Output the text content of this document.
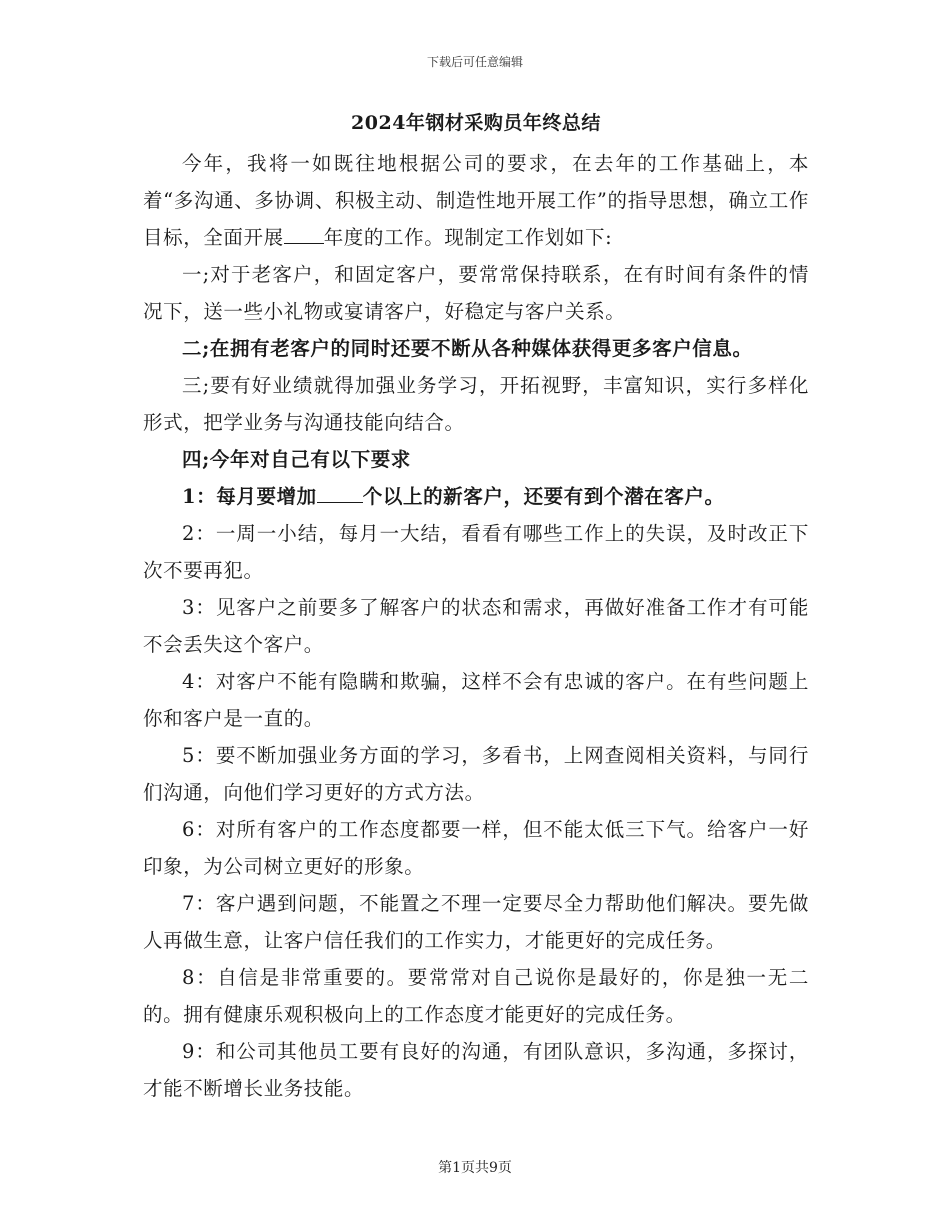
下载后可任意编辑
2024年钢材采购员年终总结

今年，我将一如既往地根据公司的要求，在去年的工作基础上，本着“多沟通、多协调、积极主动、制造性地开展工作”的指导思想，确立工作目标，全面开展 年度的工作。现制定工作划如下:

一;对于老客户，和固定客户，要常常保持联系，在有时间有条件的情况下，送一些小礼物或宴请客户，好稳定与客户关系。

二;在拥有老客户的同时还要不断从各种媒体获得更多客户信息。

三;要有好业绩就得加强业务学习，开拓视野，丰富知识，实行多样化形式，把学业务与沟通技能向结合。

四;今年对自己有以下要求

1：每月要增加 个以上的新客户，还要有到个潜在客户。

2：一周一小结，每月一大结，看看有哪些工作上的失误，及时改正下次不要再犯。

3：见客户之前要多了解客户的状态和需求，再做好准备工作才有可能不会丢失这个客户。

4：对客户不能有隐瞒和欺骗，这样不会有忠诚的客户。在有些问题上你和客户是一直的。

5：要不断加强业务方面的学习，多看书，上网查阅相关资料，与同行们沟通，向他们学习更好的方式方法。

6：对所有客户的工作态度都要一样，但不能太低三下气。给客户一好印象，为公司树立更好的形象。

7：客户遇到问题，不能置之不理一定要尽全力帮助他们解决。要先做人再做生意，让客户信任我们的工作实力，才能更好的完成任务。

8：自信是非常重要的。要常常对自己说你是最好的，你是独一无二的。拥有健康乐观积极向上的工作态度才能更好的完成任务。

9：和公司其他员工要有良好的沟通，有团队意识，多沟通，多探讨，才能不断增长业务技能。

第1页共9页
